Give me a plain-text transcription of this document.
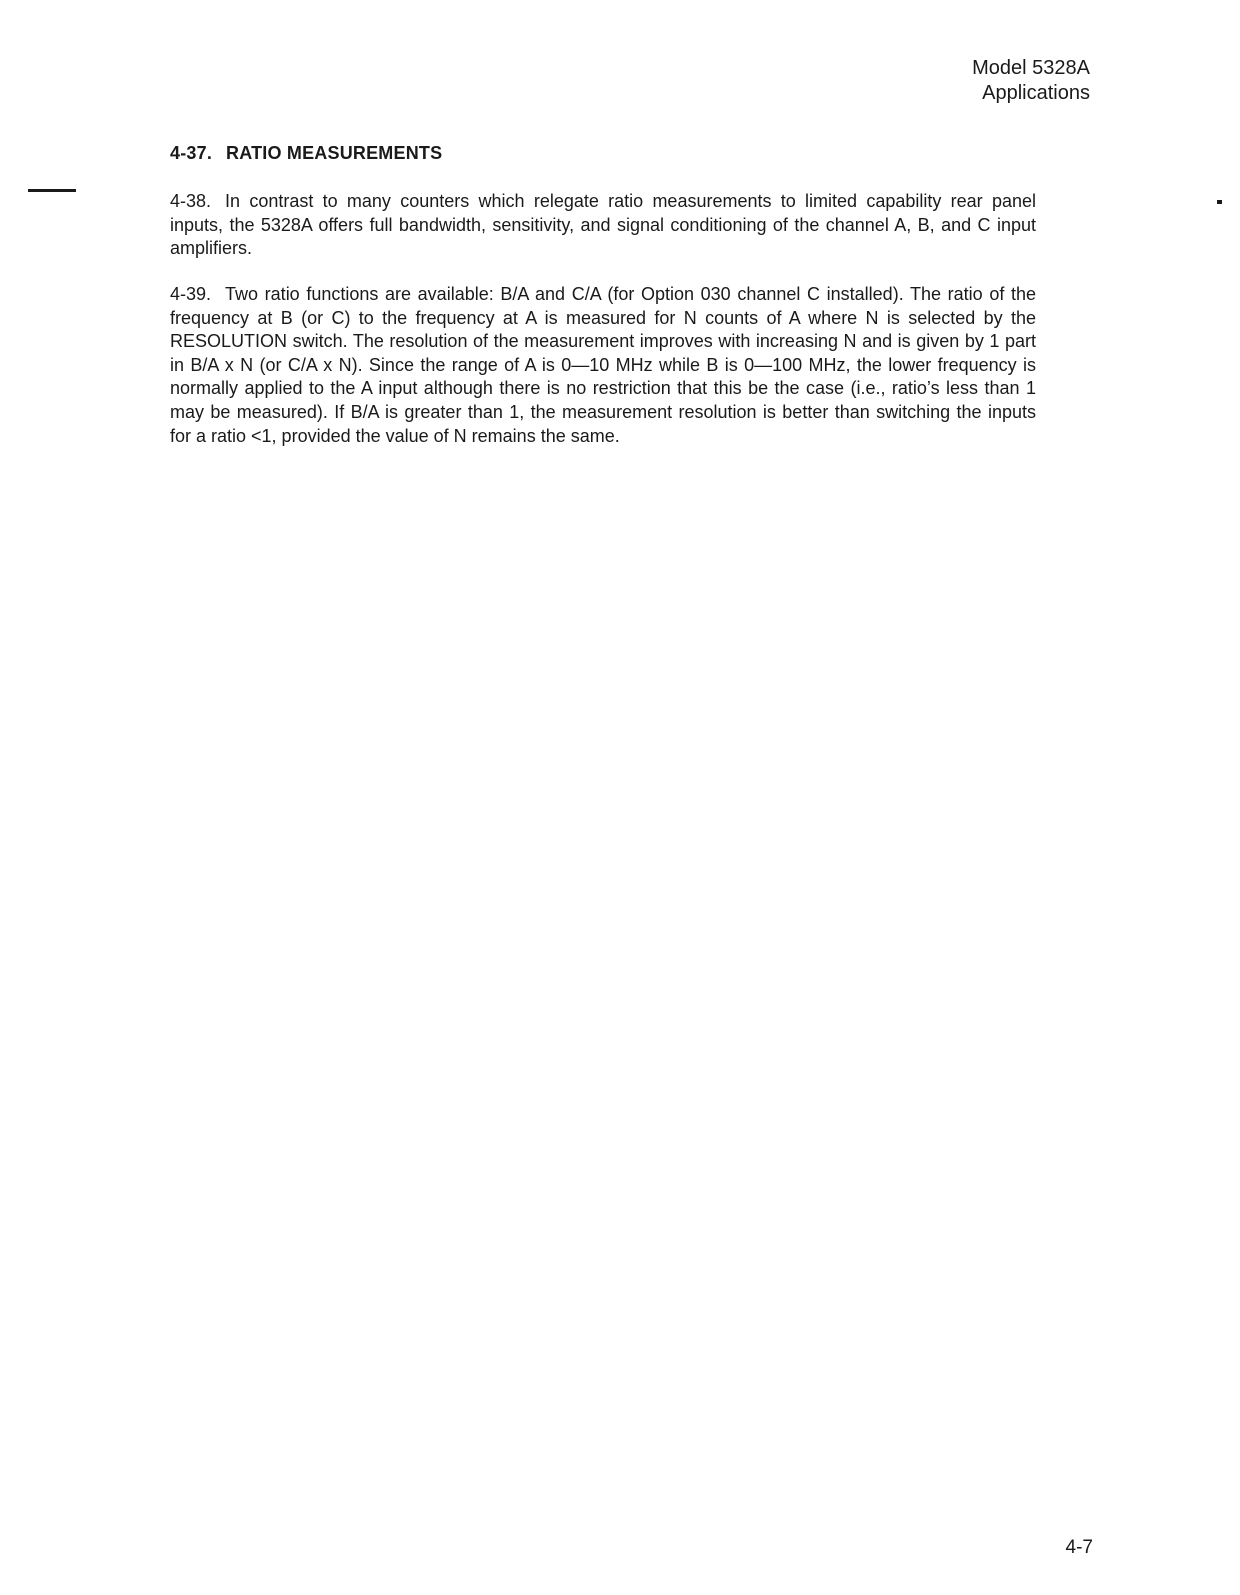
Model 5328A
Applications
4-37. RATIO MEASUREMENTS
4-38. In contrast to many counters which relegate ratio measurements to limited capability rear panel inputs, the 5328A offers full bandwidth, sensitivity, and signal conditioning of the channel A, B, and C input amplifiers.
4-39. Two ratio functions are available: B/A and C/A (for Option 030 channel C installed). The ratio of the frequency at B (or C) to the frequency at A is measured for N counts of A where N is selected by the RESOLUTION switch. The resolution of the measurement improves with increasing N and is given by 1 part in B/A x N (or C/A x N). Since the range of A is 0—10 MHz while B is 0—100 MHz, the lower frequency is normally applied to the A input although there is no restriction that this be the case (i.e., ratio’s less than 1 may be measured). If B/A is greater than 1, the measurement resolution is better than switching the inputs for a ratio <1, provided the value of N remains the same.
4-7
